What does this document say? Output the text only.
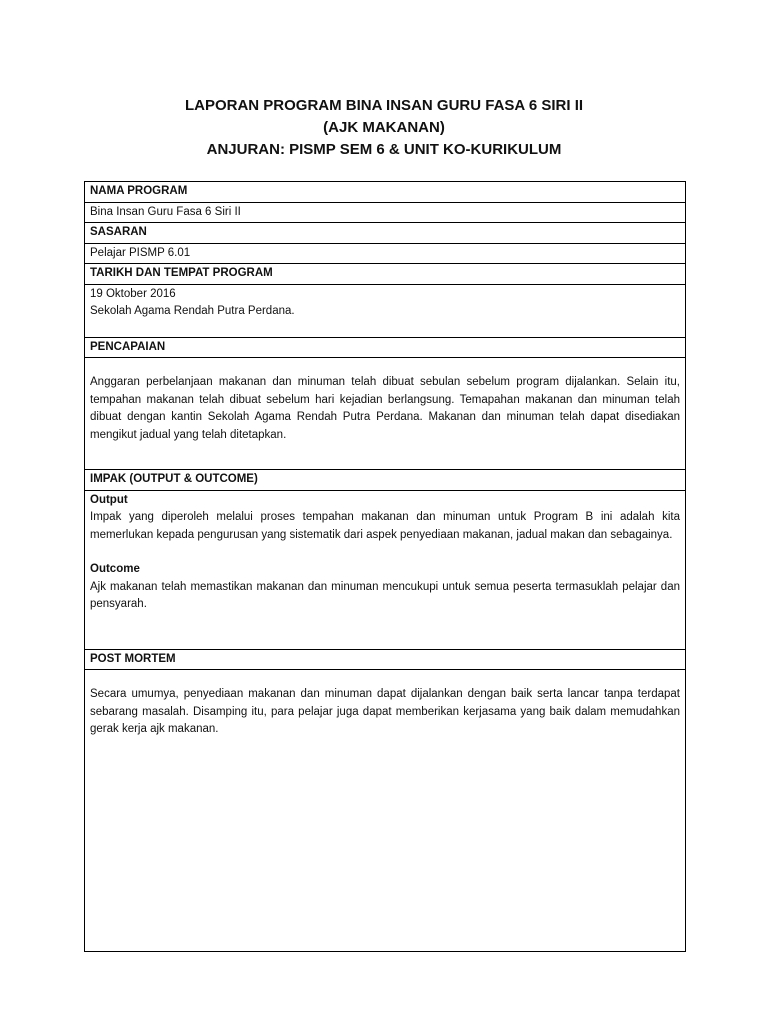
LAPORAN PROGRAM BINA INSAN GURU FASA 6 SIRI II
(AJK MAKANAN)
ANJURAN: PISMP SEM 6 & UNIT KO-KURIKULUM
NAMA PROGRAM
Bina Insan Guru Fasa 6 Siri II
SASARAN
Pelajar PISMP 6.01
TARIKH DAN TEMPAT PROGRAM

19 Oktober 2016
Sekolah Agama Rendah Putra Perdana.

PENCAPAIAN
Anggaran perbelanjaan makanan dan minuman telah dibuat sebulan sebelum program dijalankan. Selain itu, tempahan makanan telah dibuat sebelum hari kejadian berlangsung. Temapahan makanan dan minuman telah dibuat dengan kantin Sekolah Agama Rendah Putra Perdana. Makanan dan minuman telah dapat disediakan mengikut jadual yang telah ditetapkan.
IMPAK (OUTPUT & OUTCOME)

Output
Impak yang diperoleh melalui proses tempahan makanan dan minuman untuk Program B ini adalah kita memerlukan kepada pengurusan yang sistematik dari aspek penyediaan makanan, jadual makan dan sebagainya.
Outcome
Ajk makanan telah memastikan makanan dan minuman mencukupi untuk semua peserta termasuklah pelajar dan pensyarah.

POST MORTEM
Secara umumya, penyediaan makanan dan minuman dapat dijalankan dengan baik serta lancar tanpa terdapat sebarang masalah. Disamping itu, para pelajar juga dapat memberikan kerjasama yang baik dalam memudahkan gerak kerja ajk makanan.
